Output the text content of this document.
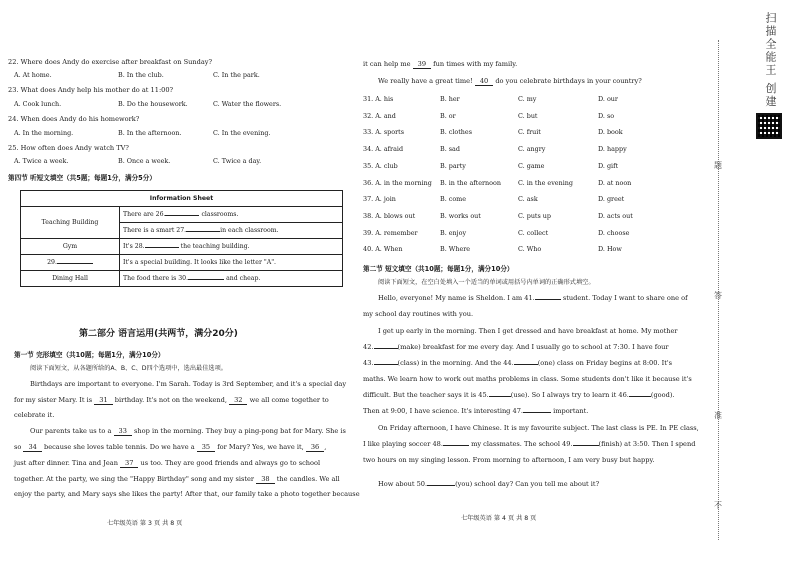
22. Where does Andy do exercise after breakfast on Sunday?
A. At home.	B. In the club.	C. In the park.
23. What does Andy help his mother do at 11:00?
A. Cook lunch.	B. Do the housework.	C. Water the flowers.
24. When does Andy do his homework?
A. In the morning.	B. In the afternoon.	C. In the evening.
25. How often does Andy watch TV?
A. Twice a week.	B. Once a week.	C. Twice a day.
第四节 听短文填空（共5题；每题1分，满分5分）
Information Sheet	
Teaching Building	There are 26. classrooms.
	There is a smart 27. in each classroom.
Gym	It's 28. the teaching building.
29.	It's a special building. It looks like the letter "A".
Dining Hall	The food there is 30. and cheap.
第二部分 语言运用(共两节，满分20分)
第一节 完形填空（共10题；每题1分，满分10分）
阅读下面短文，从各题所给的A、B、C、D四个选项中，选出最佳选项。
Birthdays are important to everyone. I'm Sarah. Today is 3rd September, and it's a special day
for my sister Mary. It is 31 birthday. It's not on the weekend, 32 we all come together to
celebrate it.
Our parents take us to a 33 shop in the morning. They buy a ping-pong bat for Mary. She is
so 34 because she loves table tennis. Do we have a 35 for Mary? Yes, we have it, 36 ,
just after dinner. Tina and Jean 37 us too. They are good friends and always go to school
together. At the party, we sing the "Happy Birthday" song and my sister 38 the candles. We all
enjoy the party, and Mary says she likes the party! After that, our family take a photo together because
七年级英语 第 3 页 共 8 页
it can help me 39 fun times with my family.
We really have a great time! 40 do you celebrate birthdays in your country?
31. A. his	B. her	C. my	D. our
32. A. and	B. or	C. but	D. so
33. A. sports	B. clothes	C. fruit	D. book
34. A. afraid	B. sad	C. angry	D. happy
35. A. club	B. party	C. game	D. gift
36. A. in the morning B. in the afternoon	C. in the evening	D. at noon
37. A. join	B. come	C. ask	D. greet
38. A. blows out	B. works out	C. puts up	D. acts out
39. A. remember	B. enjoy	C. collect	D. choose
40. A. When	B. Where	C. Who	D. How
第二节 短文填空（共10题；每题1分，满分10分）
阅读下面短文，在空白处填入一个适当的单词或用括号内单词的正确形式填空。
Hello, everyone! My name is Sheldon. I am 41.	student. Today I want to share one of
my school day routines with you.
I get up early in the morning. Then I get dressed and have breakfast at home. My mother
42.	(make) breakfast for me every day. And I usually go to school at 7:30. I have four
43.	(class) in the morning. And the 44.	(one) class on Friday begins at 8:00. It's
maths. We learn how to work out maths problems in class. Some students don't like it because it's
difficult. But the teacher says it is 45.	(use). So I always try to learn it 46.	(good).
Then at 9:00, I have science. It's interesting 47.	important.
On Friday afternoon, I have Chinese. It is my favourite subject. The last class is PE. In PE class,
I like playing soccer 48.	my classmates. The school 49.	(finish) at 3:50. Then I spend
two hours on my singing lesson. From morning to afternoon, I am very busy but happy.
How about 50.	(you) school day? Can you tell me about it?
七年级英语 第 4 页 共 8 页
题
答
准
不
扫描全能王 创建
